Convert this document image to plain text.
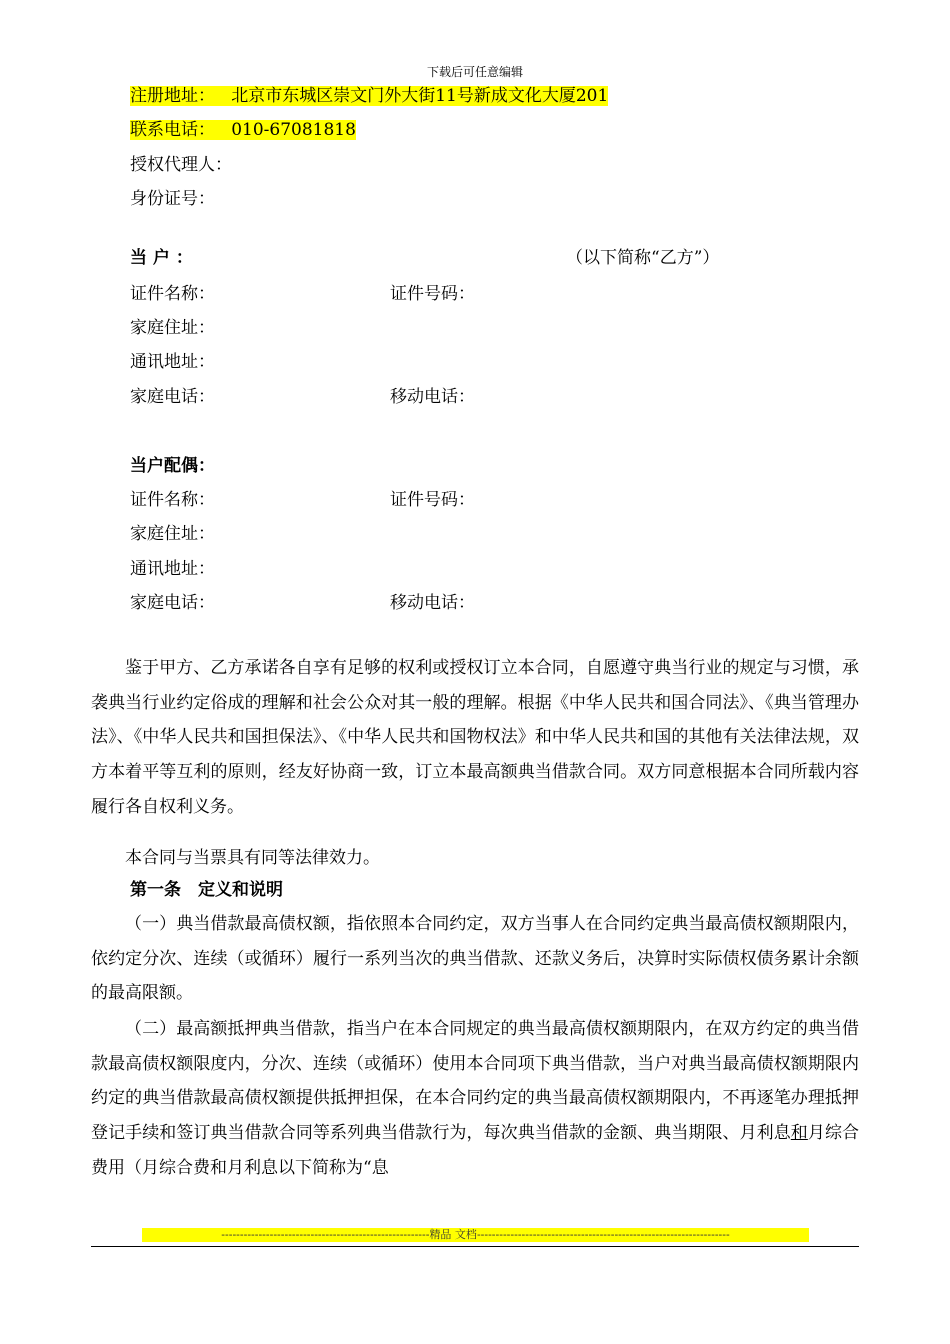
下载后可任意编辑
注册地址： 北京市东城区崇文门外大街11号新成文化大厦201
联系电话： 010-67081818
授权代理人：
身份证号：
当 户 ：	（以下简称“乙方”）
证件名称：	证件号码：
家庭住址：
通讯地址：
家庭电话：	移动电话：
当户配偶：
证件名称：	证件号码：
家庭住址：
通讯地址：
家庭电话：	移动电话：
鉴于甲方、乙方承诺各自享有足够的权利或授权订立本合同，自愿遵守典当行业的规定与习惯，承袭典当行业约定俗成的理解和社会公众对其一般的理解。根据《中华人民共和国合同法》、《典当管理办法》、《中华人民共和国担保法》、《中华人民共和国物权法》和中华人民共和国的其他有关法律法规，双方本着平等互利的原则，经友好协商一致，订立本最高额典当借款合同。双方同意根据本合同所载内容履行各自权利义务。
本合同与当票具有同等法律效力。
第一条　定义和说明
（一）典当借款最高债权额，指依照本合同约定，双方当事人在合同约定典当最高债权额期限内，依约定分次、连续（或循环）履行一系列当次的典当借款、还款义务后，决算时实际债权债务累计余额的最高限额。
（二）最高额抵押典当借款，指当户在本合同规定的典当最高债权额期限内，在双方约定的典当借款最高债权额限度内，分次、连续（或循环）使用本合同项下典当借款，当户对典当最高债权额期限内约定的典当借款最高债权额提供抵押担保，在本合同约定的典当最高债权额期限内，不再逐笔办理抵押登记手续和签订典当借款合同等系列典当借款行为，每次典当借款的金额、典当期限、月利息和月综合费用（月综合费和月利息以下简称为“息
--------------------------------------------------------精品 文档--------------------------------------------------------------------
